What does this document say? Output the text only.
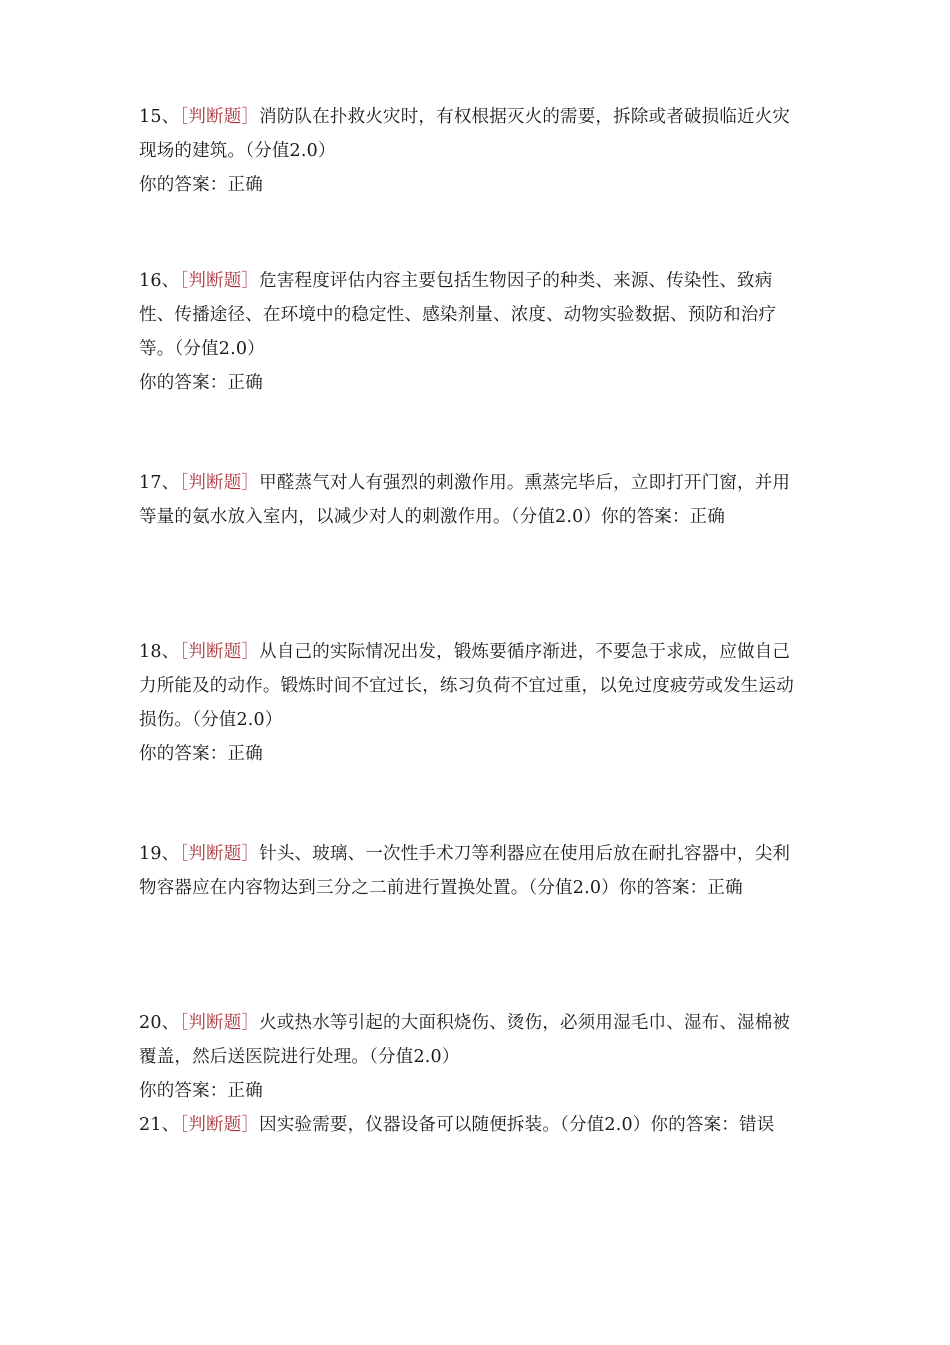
15、［判断题］消防队在扑救火灾时，有权根据灭火的需要，拆除或者破损临近火灾现场的建筑。（分值2.0）

你的答案：正确

16、［判断题］危害程度评估内容主要包括生物因子的种类、来源、传染性、致病性、传播途径、在环境中的稳定性、感染剂量、浓度、动物实验数据、预防和治疗等。（分值2.0）

你的答案：正确

17、［判断题］甲醛蒸气对人有强烈的刺激作用。熏蒸完毕后，立即打开门窗，并用等量的氨水放入室内，以减少对人的刺激作用。（分值2.0）你的答案：正确

18、［判断题］从自己的实际情况出发，锻炼要循序渐进，不要急于求成，应做自己力所能及的动作。锻炼时间不宜过长，练习负荷不宜过重，以免过度疲劳或发生运动损伤。（分值2.0）

你的答案：正确

19、［判断题］针头、玻璃、一次性手术刀等利器应在使用后放在耐扎容器中，尖利物容器应在内容物达到三分之二前进行置换处置。（分值2.0）你的答案：正确

20、［判断题］火或热水等引起的大面积烧伤、烫伤，必须用湿毛巾、湿布、湿棉被覆盖，然后送医院进行处理。（分值2.0）

你的答案：正确

21、［判断题］因实验需要，仪器设备可以随便拆装。（分值2.0）你的答案：错误
